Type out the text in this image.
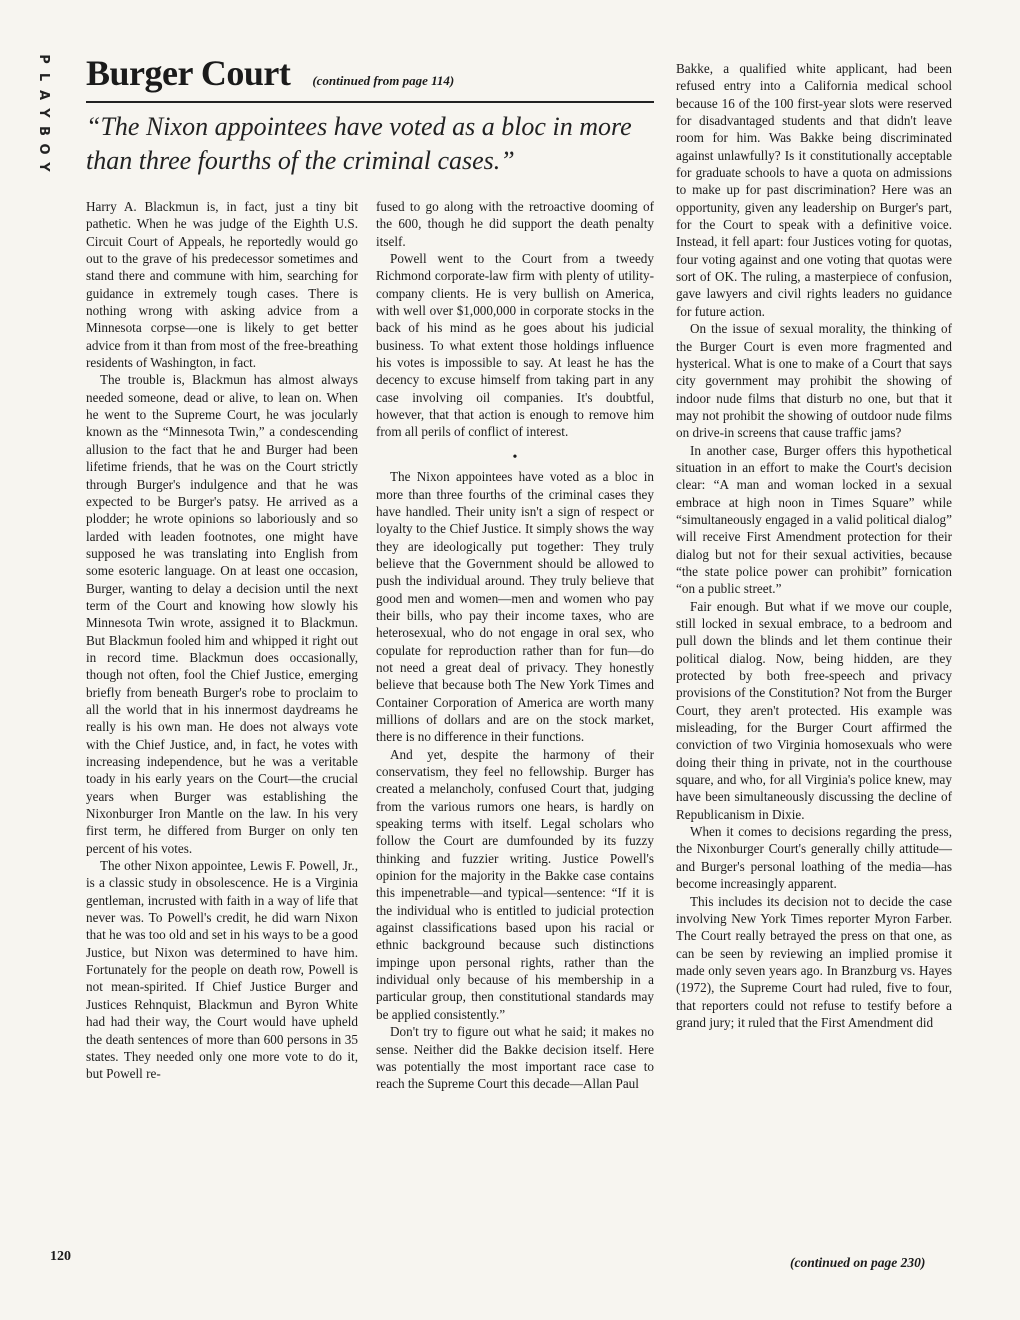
P
L
A
Y
B
O
Y
Burger Court (continued from page 114)
“The Nixon appointees have voted as a bloc in more than three fourths of the criminal cases.”

Harry A. Blackmun is, in fact, just a tiny bit pathetic. When he was judge of the Eighth U.S. Circuit Court of Appeals, he reportedly would go out to the grave of his predecessor sometimes and stand there and commune with him, searching for guidance in extremely tough cases. There is nothing wrong with asking advice from a Minnesota corpse—one is likely to get better advice from it than from most of the free-breathing residents of Washington, in fact.

The trouble is, Blackmun has almost always needed someone, dead or alive, to lean on. When he went to the Supreme Court, he was jocularly known as the “Minnesota Twin,” a condescending allusion to the fact that he and Burger had been lifetime friends, that he was on the Court strictly through Burger's indulgence and that he was expected to be Burger's patsy. He arrived as a plodder; he wrote opinions so laboriously and so larded with leaden footnotes, one might have supposed he was translating into English from some esoteric language. On at least one occasion, Burger, wanting to delay a decision until the next term of the Court and knowing how slowly his Minnesota Twin wrote, assigned it to Blackmun. But Blackmun fooled him and whipped it right out in record time. Blackmun does occasionally, though not often, fool the Chief Justice, emerging briefly from beneath Burger's robe to proclaim to all the world that in his innermost daydreams he really is his own man. He does not always vote with the Chief Justice, and, in fact, he votes with increasing independence, but he was a veritable toady in his early years on the Court—the crucial years when Burger was establishing the Nixonburger Iron Mantle on the law. In his very first term, he differed from Burger on only ten percent of his votes.

The other Nixon appointee, Lewis F. Powell, Jr., is a classic study in obsolescence. He is a Virginia gentleman, incrusted with faith in a way of life that never was. To Powell's credit, he did warn Nixon that he was too old and set in his ways to be a good Justice, but Nixon was determined to have him. Fortunately for the people on death row, Powell is not mean-spirited. If Chief Justice Burger and Justices Rehnquist, Blackmun and Byron White had had their way, the Court would have upheld the death sentences of more than 600 persons in 35 states. They needed only one more vote to do it, but Powell re-

fused to go along with the retroactive dooming of the 600, though he did support the death penalty itself.

Powell went to the Court from a tweedy Richmond corporate-law firm with plenty of utility-company clients. He is very bullish on America, with well over $1,000,000 in corporate stocks in the back of his mind as he goes about his judicial business. To what extent those holdings influence his votes is impossible to say. At least he has the decency to excuse himself from taking part in any case involving oil companies. It's doubtful, however, that that action is enough to remove him from all perils of conflict of interest.

•

The Nixon appointees have voted as a bloc in more than three fourths of the criminal cases they have handled. Their unity isn't a sign of respect or loyalty to the Chief Justice. It simply shows the way they are ideologically put together: They truly believe that the Government should be allowed to push the individual around. They truly believe that good men and women—men and women who pay their bills, who pay their income taxes, who are heterosexual, who do not engage in oral sex, who copulate for reproduction rather than for fun—do not need a great deal of privacy. They honestly believe that because both The New York Times and Container Corporation of America are worth many millions of dollars and are on the stock market, there is no difference in their functions.

And yet, despite the harmony of their conservatism, they feel no fellowship. Burger has created a melancholy, confused Court that, judging from the various rumors one hears, is hardly on speaking terms with itself. Legal scholars who follow the Court are dumfounded by its fuzzy thinking and fuzzier writing. Justice Powell's opinion for the majority in the Bakke case contains this impenetrable—and typical—sentence: “If it is the individual who is entitled to judicial protection against classifications based upon his racial or ethnic background because such distinctions impinge upon personal rights, rather than the individual only because of his membership in a particular group, then constitutional standards may be applied consistently.”

Don't try to figure out what he said; it makes no sense. Neither did the Bakke decision itself. Here was potentially the most important race case to reach the Supreme Court this decade—Allan Paul

Bakke, a qualified white applicant, had been refused entry into a California medical school because 16 of the 100 first-year slots were reserved for disadvantaged students and that didn't leave room for him. Was Bakke being discriminated against unlawfully? Is it constitutionally acceptable for graduate schools to have a quota on admissions to make up for past discrimination? Here was an opportunity, given any leadership on Burger's part, for the Court to speak with a definitive voice. Instead, it fell apart: four Justices voting for quotas, four voting against and one voting that quotas were sort of OK. The ruling, a masterpiece of confusion, gave lawyers and civil rights leaders no guidance for future action.

On the issue of sexual morality, the thinking of the Burger Court is even more fragmented and hysterical. What is one to make of a Court that says city government may prohibit the showing of indoor nude films that disturb no one, but that it may not prohibit the showing of outdoor nude films on drive-in screens that cause traffic jams?

In another case, Burger offers this hypothetical situation in an effort to make the Court's decision clear: “A man and woman locked in a sexual embrace at high noon in Times Square” while “simultaneously engaged in a valid political dialog” will receive First Amendment protection for their dialog but not for their sexual activities, because “the state police power can prohibit” fornication “on a public street.”

Fair enough. But what if we move our couple, still locked in sexual embrace, to a bedroom and pull down the blinds and let them continue their political dialog. Now, being hidden, are they protected by both free-speech and privacy provisions of the Constitution? Not from the Burger Court, they aren't protected. His example was misleading, for the Burger Court affirmed the conviction of two Virginia homosexuals who were doing their thing in private, not in the courthouse square, and who, for all Virginia's police knew, may have been simultaneously discussing the decline of Republicanism in Dixie.

When it comes to decisions regarding the press, the Nixonburger Court's generally chilly attitude—and Burger's personal loathing of the media—has become increasingly apparent.

This includes its decision not to decide the case involving New York Times reporter Myron Farber. The Court really betrayed the press on that one, as can be seen by reviewing an implied promise it made only seven years ago. In Branzburg vs. Hayes (1972), the Supreme Court had ruled, five to four, that reporters could not refuse to testify before a grand jury; it ruled that the First Amendment did

120	(continued on page 230)
